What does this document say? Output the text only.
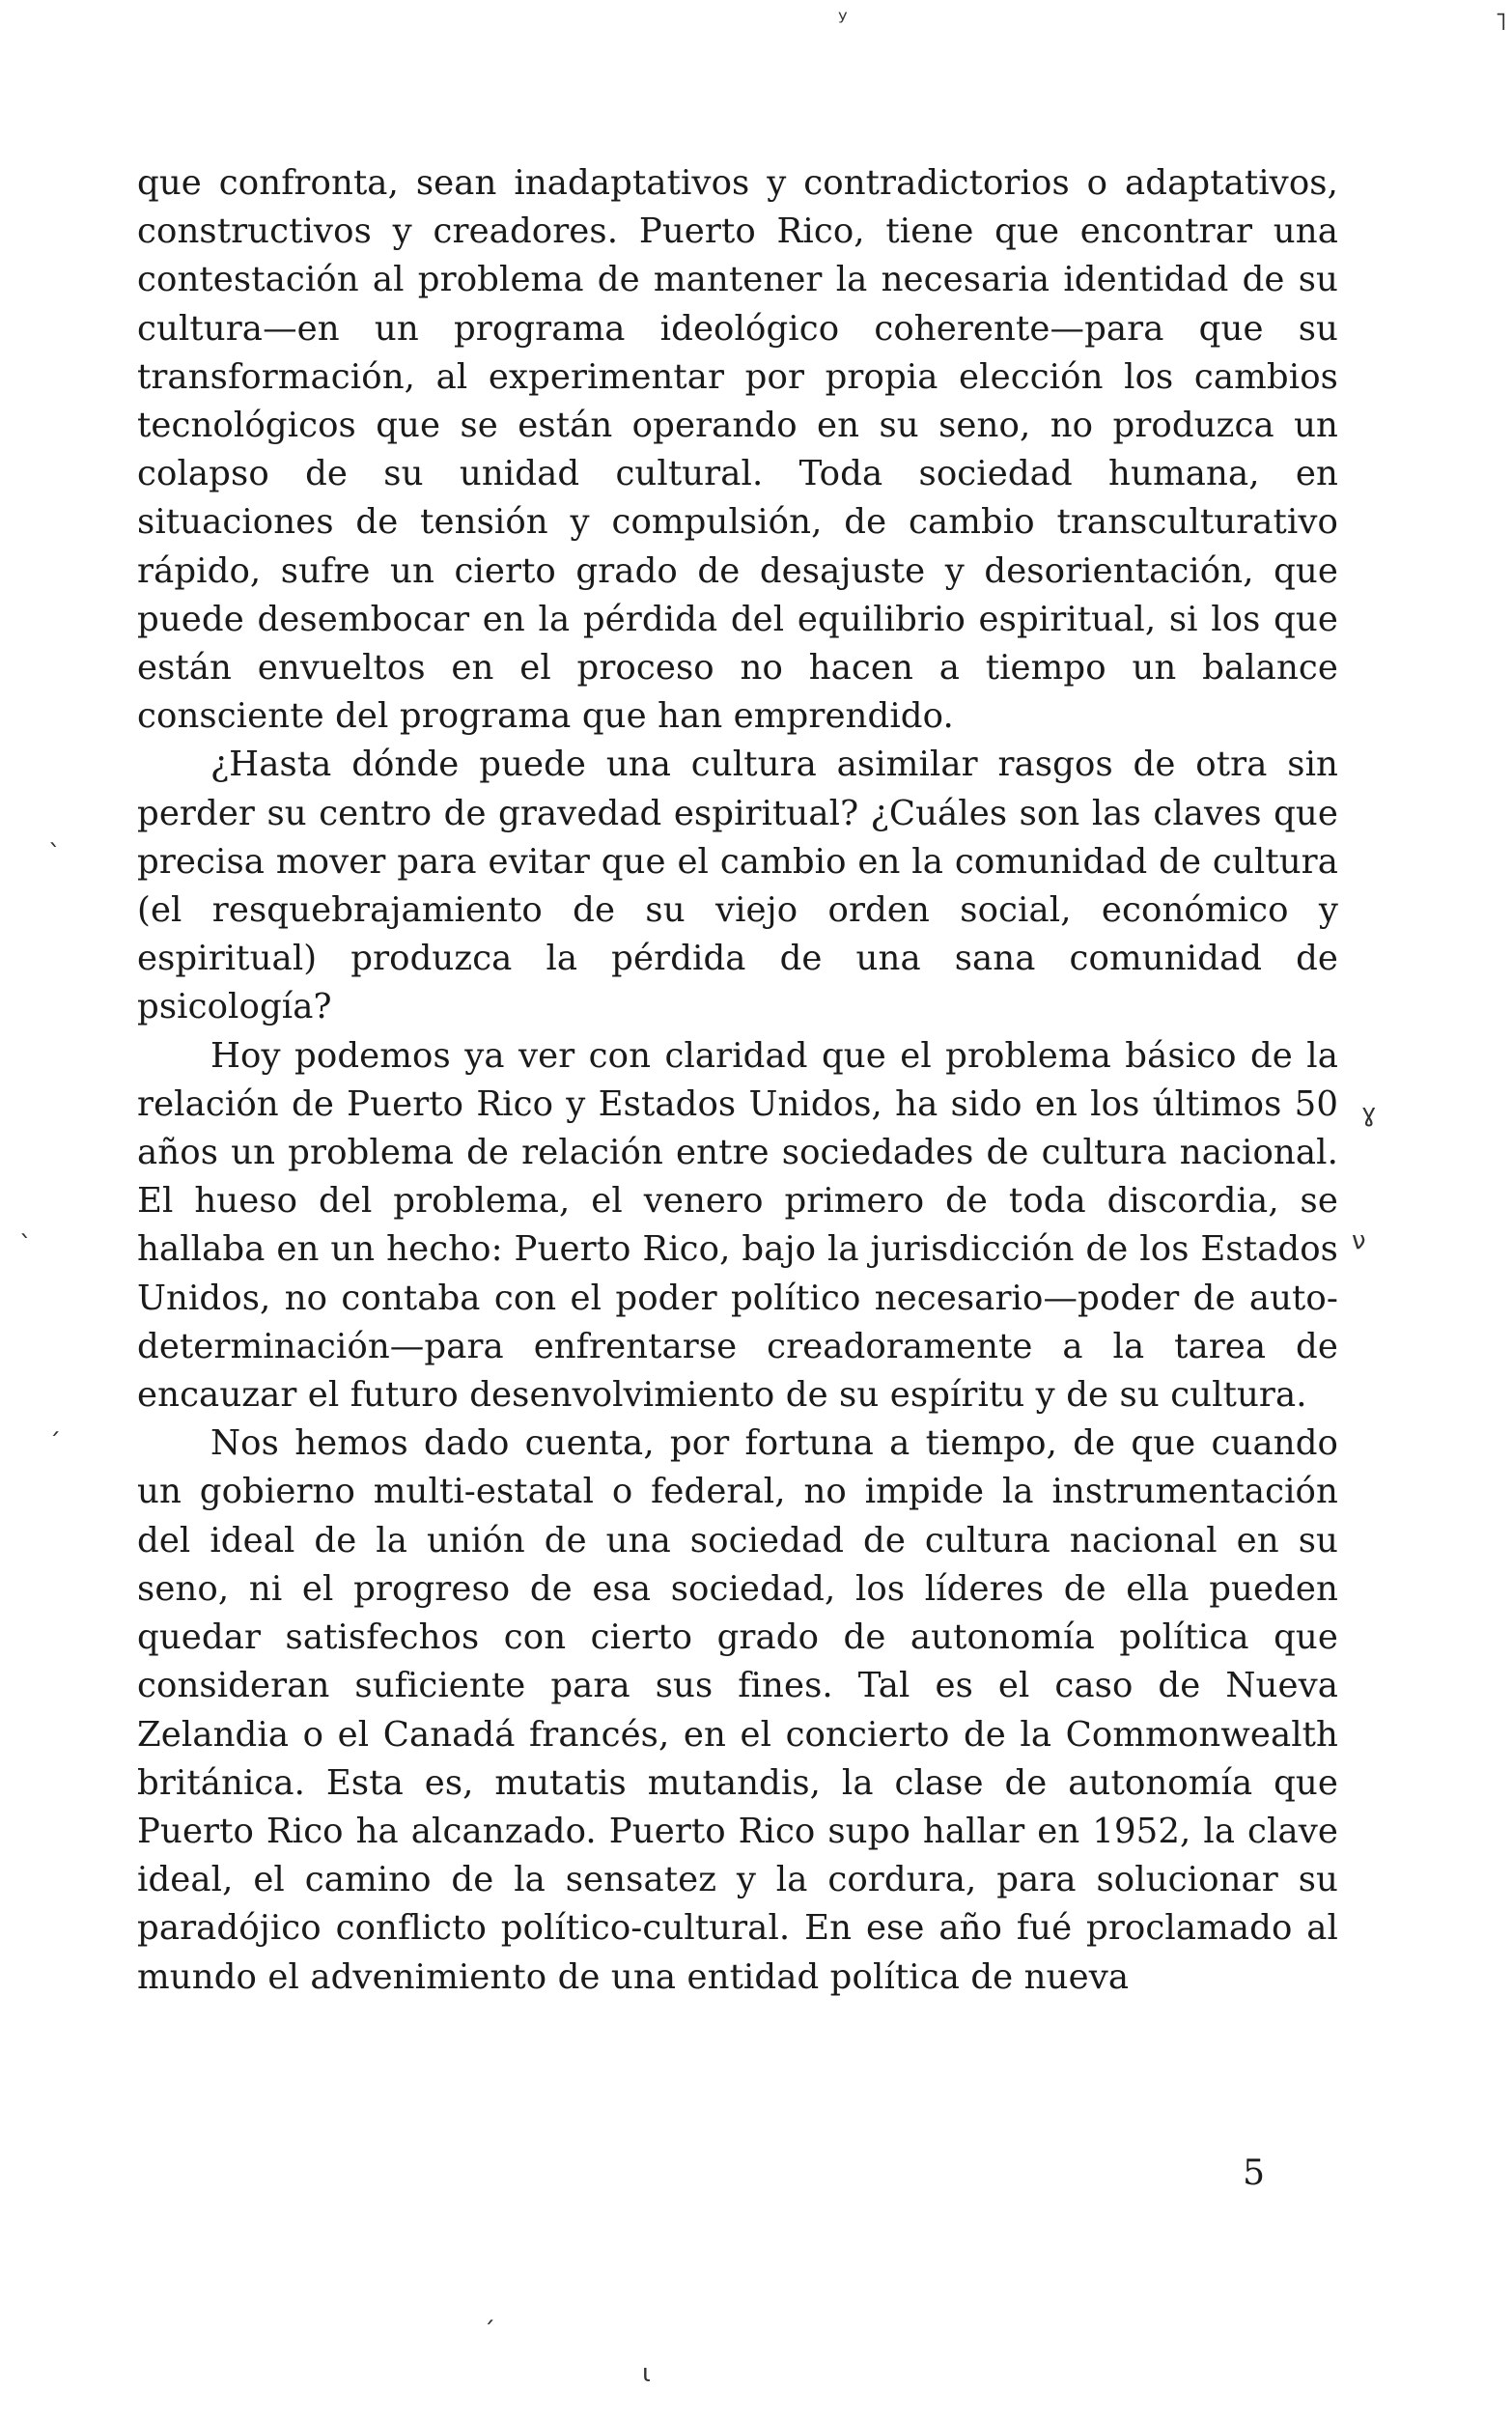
que confronta, sean inadaptativos y contradictorios o adaptativos, constructivos y creadores. Puerto Rico, tiene que encontrar una contestación al problema de mantener la necesaria identidad de su cultura—en un programa ideológico coherente—para que su transformación, al experimentar por propia elección los cambios tecnológicos que se están operando en su seno, no produzca un colapso de su unidad cultural. Toda sociedad humana, en situaciones de tensión y compulsión, de cambio transculturativo rápido, sufre un cierto grado de desajuste y desorientación, que puede desembocar en la pérdida del equilibrio espiritual, si los que están envueltos en el proceso no hacen a tiempo un balance consciente del programa que han emprendido.

¿Hasta dónde puede una cultura asimilar rasgos de otra sin perder su centro de gravedad espiritual? ¿Cuáles son las claves que precisa mover para evitar que el cambio en la comunidad de cultura (el resquebrajamiento de su viejo orden social, económico y espiritual) produzca la pérdida de una sana comunidad de psicología?

Hoy podemos ya ver con claridad que el problema básico de la relación de Puerto Rico y Estados Unidos, ha sido en los últimos 50 años un problema de relación entre sociedades de cultura nacional. El hueso del problema, el venero primero de toda discordia, se hallaba en un hecho: Puerto Rico, bajo la jurisdicción de los Estados Unidos, no contaba con el poder político necesario—poder de auto-determinación—para enfrentarse creadoramente a la tarea de encauzar el futuro desenvolvimiento de su espíritu y de su cultura.

Nos hemos dado cuenta, por fortuna a tiempo, de que cuando un gobierno multi-estatal o federal, no impide la instrumentación del ideal de la unión de una sociedad de cultura nacional en su seno, ni el progreso de esa sociedad, los líderes de ella pueden quedar satisfechos con cierto grado de autonomía política que consideran suficiente para sus fines. Tal es el caso de Nueva Zelandia o el Canadá francés, en el concierto de la Commonwealth británica. Esta es, mutatis mutandis, la clase de autonomía que Puerto Rico ha alcanzado. Puerto Rico supo hallar en 1952, la clave ideal, el camino de la sensatez y la cordura, para solucionar su paradójico conflicto político-cultural. En ese año fué proclamado al mundo el advenimiento de una entidad política de nueva

5
ʸ	˥
ɣ
ν
ˎ
ˎ
ˏ
ˏ
ι
